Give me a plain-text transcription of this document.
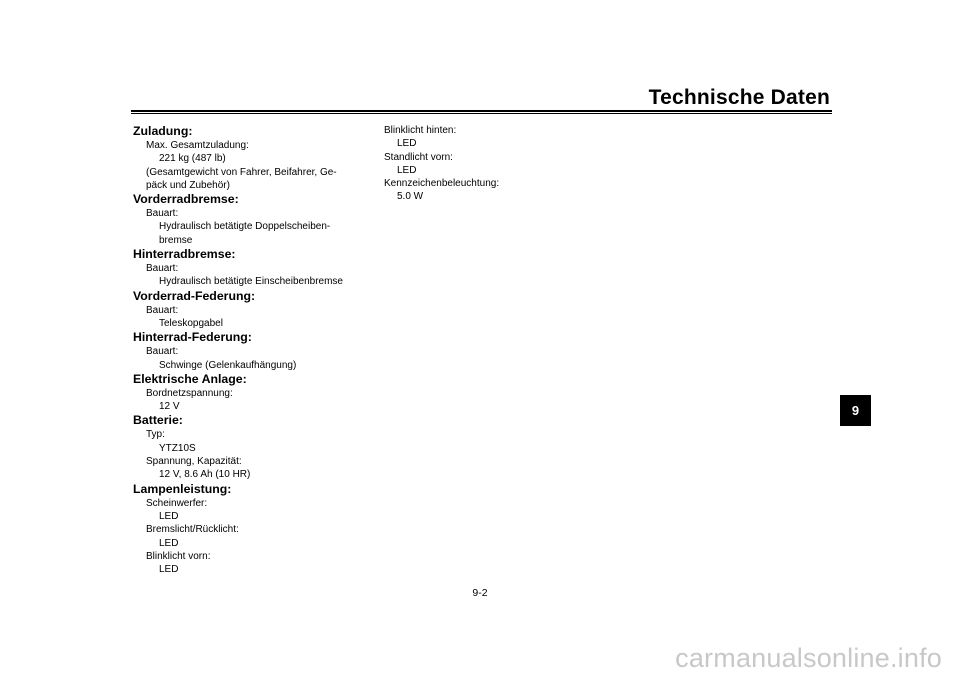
Technische Daten
Zuladung:
Max. Gesamtzuladung:
221 kg (487 lb)
(Gesamtgewicht von Fahrer, Beifahrer, Ge-
päck und Zubehör)
Vorderradbremse:
Bauart:
Hydraulisch betätigte Doppelscheiben-
bremse
Hinterradbremse:
Bauart:
Hydraulisch betätigte Einscheibenbremse
Vorderrad-Federung:
Bauart:
Teleskopgabel
Hinterrad-Federung:
Bauart:
Schwinge (Gelenkaufhängung)
Elektrische Anlage:
Bordnetzspannung:
12 V
Batterie:
Typ:
YTZ10S
Spannung, Kapazität:
12 V, 8.6 Ah (10 HR)
Lampenleistung:
Scheinwerfer:
LED
Bremslicht/Rücklicht:
LED
Blinklicht vorn:
LED
Blinklicht hinten:
LED
Standlicht vorn:
LED
Kennzeichenbeleuchtung:
5.0 W
9
9-2
carmanualsonline.info
